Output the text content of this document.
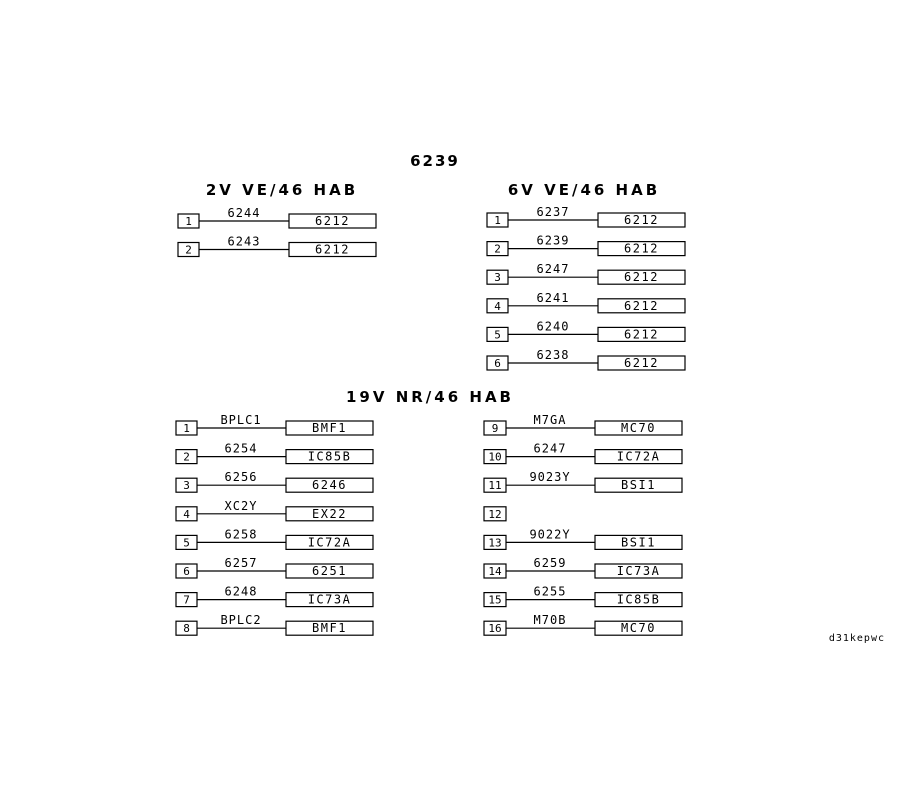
6239
2V VE/46 HAB
1
6244
6212
2
6243
6212
6V VE/46 HAB
1
6237
6212
2
6239
6212
3
6247
6212
4
6241
6212
5
6240
6212
6
6238
6212
19V NR/46 HAB
1
BPLC1
BMF1
2
6254
IC85B
3
6256
6246
4
XC2Y
EX22
5
6258
IC72A
6
6257
6251
7
6248
IC73A
8
BPLC2
BMF1
9
M7GA
MC70
10
6247
IC72A
11
9023Y
BSI1
12
13
9022Y
BSI1
14
6259
IC73A
15
6255
IC85B
16
M70B
MC70
d31kepwc
